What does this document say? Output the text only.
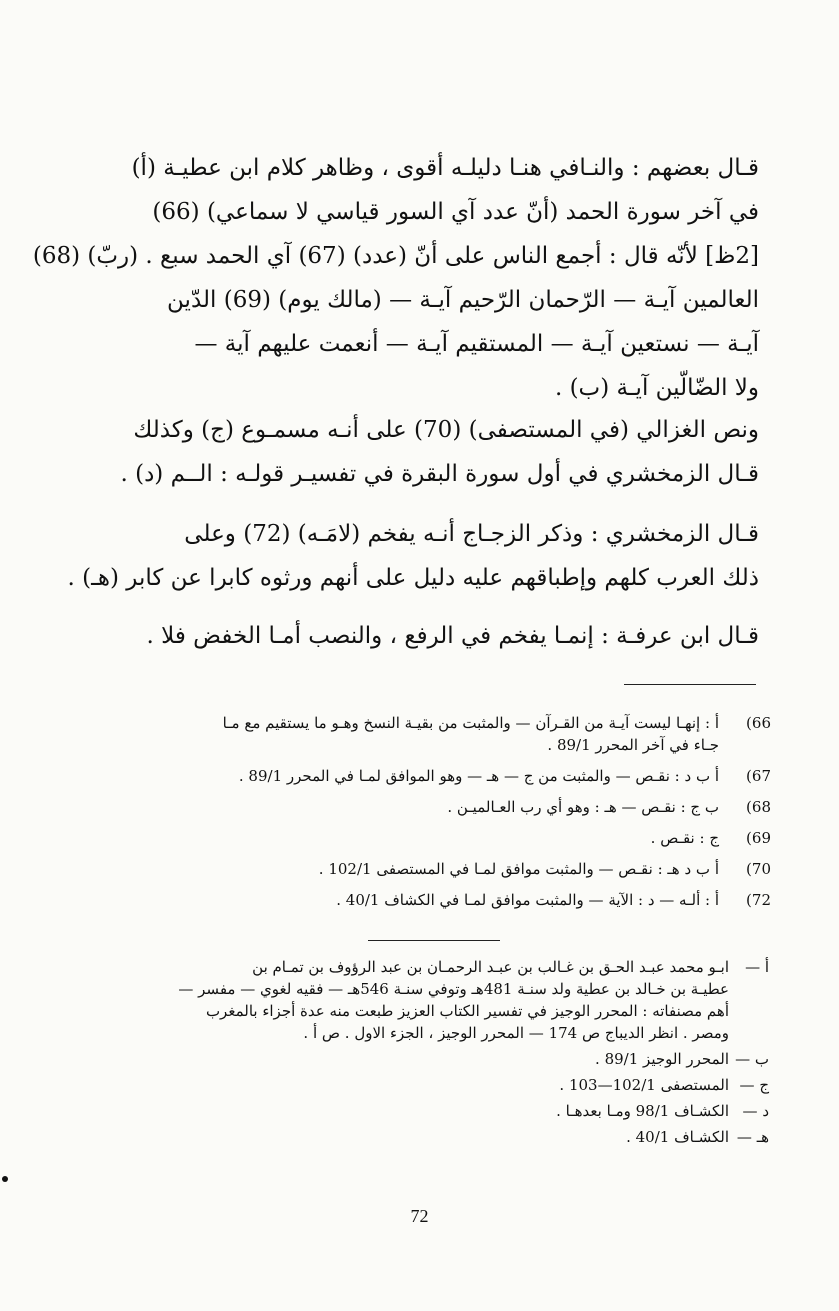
قـال بعضهم : والنـافي هنـا دليلـه أقوى ، وظاهر كلام ابن عطيـة (أ)
في آخر سورة الحمد (أنّ عدد آي السور قياسي لا سماعي) (66)
[2ظ] لأنّه قال : أجمع الناس على أنّ (عدد) (67) آي الحمد سبع . (ربّ) (68)
العالمين آيـة — الرّحمان الرّحيم آيـة — (مالك يوم) (69) الدّين
آيـة — نستعين آيـة — المستقيم آيـة — أنعمت عليهم آية —
ولا الضّالّين آيـة (ب) .
ونص الغزالي (في المستصفى) (70) على أنـه مسمـوع (ج) وكذلك
قـال الزمخشري في أول سورة البقرة في تفسيـر قولـه : الــم (د) .
قـال الزمخشري : وذكر الزجـاج أنـه يفخم (لامَـه) (72) وعلى
ذلك العرب كلهم وإطباقهم عليه دليل على أنهم ورثوه كابرا عن كابر (هـ) .
قـال ابن عرفـة : إنمـا يفخم في الرفع ، والنصب أمـا الخفض فلا .
66)
أ : إنهـا ليست آيـة من القـرآن — والمثبت من بقيـة النسخ وهـو ما يستقيم مع مـا
جـاء في آخر المحرر 89/1 .
67)
أ ب د : نقـص — والمثبت من ج — هـ — وهو الموافق لمـا في المحرر 89/1 .
68)
ب ج : نقـص — هـ : وهو أي رب العـالميـن .
69)
ج : نقـص .
70)
أ ب د هـ : نقـص — والمثبت موافق لمـا في المستصفى 102/1 .
72)
أ : ألـه — د : الآية — والمثبت موافق لمـا في الكشاف 40/1 .
أ —
ابـو محمد عبـد الحـق بن غـالب بن عبـد الرحمـان بن عبد الرؤوف بن تمـام بن
عطيـة بن خـالد بن عطية ولد سنـة 481هـ وتوفي سنـة 546هـ — فقيه لغوي — مفسر —
أهم مصنفاته : المحرر الوجيز في تفسير الكتاب العزيز طبعت منه عدة أجزاء بالمغرب
ومصر . انظر الديباج ص 174 — المحرر الوجيز ، الجزء الاول . ص أ .
ب —
المحرر الوجيز 89/1 .
ج —
المستصفى 102/1—103 .
د —
الكشـاف 98/1 ومـا بعدهـا .
هـ —
الكشـاف 40/1 .
72
